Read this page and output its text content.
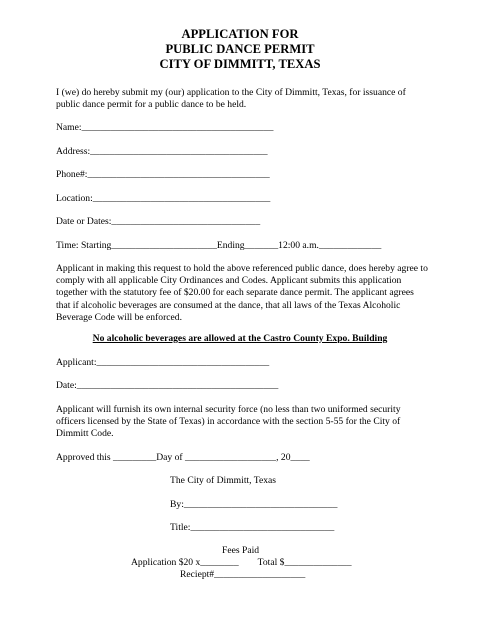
APPLICATION FOR
PUBLIC DANCE PERMIT
CITY OF DIMMITT, TEXAS
I (we) do hereby submit my (our) application to the City of Dimmitt, Texas, for issuance of
public dance permit for a public dance to be held.
Name:________________________________________
Address:_____________________________________
Phone#:______________________________________
Location:_____________________________________
Date or Dates:_______________________________
Time: Starting______________________Ending_______12:00 a.m._____________
Applicant in making this request to hold the above referenced public dance, does hereby agree to
comply with all applicable City Ordinances and Codes. Applicant submits this application
together with the statutory fee of $20.00 for each separate dance permit. The applicant agrees
that if alcoholic beverages are consumed at the dance, that all laws of the Texas Alcoholic
Beverage Code will be enforced.
No alcoholic beverages are allowed at the Castro County Expo. Building
Applicant:____________________________________
Date:__________________________________________
Applicant will furnish its own internal security force (no less than two uniformed security
officers licensed by the State of Texas) in accordance with the section 5-55 for the City of
Dimmitt Code.
Approved this _________Day of ___________________, 20____
The City of Dimmitt, Texas
By:________________________________
Title:______________________________
Fees Paid
Application $20 x________        Total $______________
Reciept#___________________
